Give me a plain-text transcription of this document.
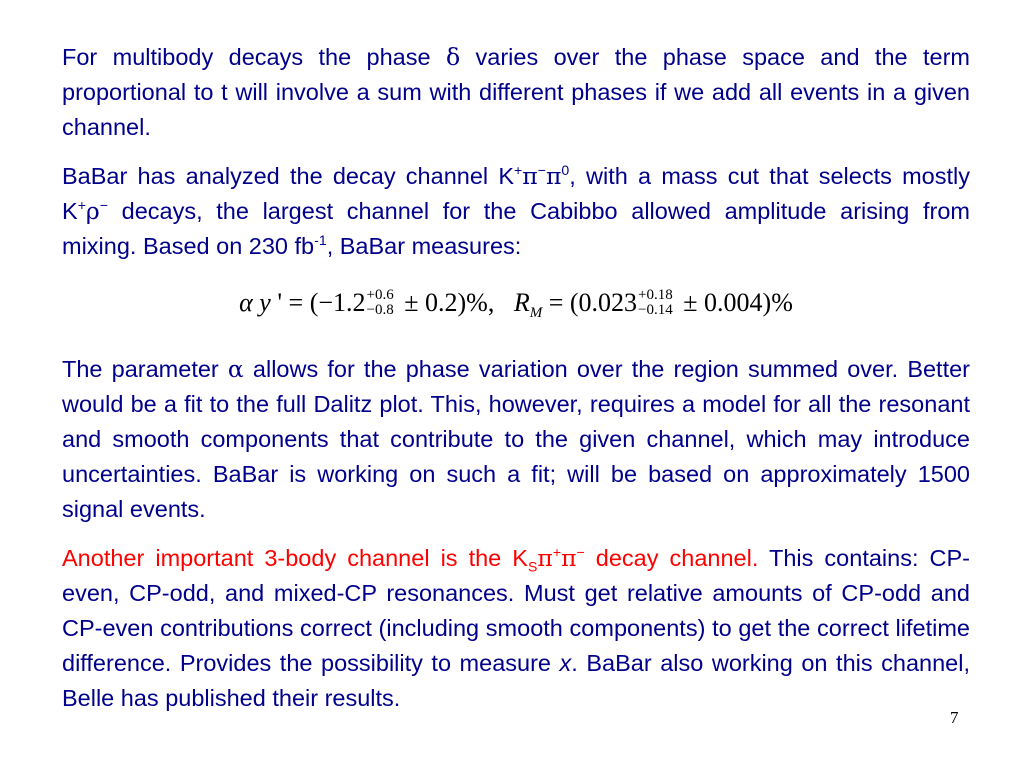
For multibody decays the phase δ varies over the phase space and the term proportional to t will involve a sum with different phases if we add all events in a given channel.

BaBar has analyzed the decay channel $K^+\pi^-\pi^0$, with a mass cut that selects mostly K+ρ− decays, the largest channel for the Cabibbo allowed amplitude arising from mixing. Based on 230 $fb^{-1}$, BaBar measures:

α y ' = (−1.2 +0.6
−0.8 ± 0.2)%, $R_M = (0.023 +0.18$
−0.14 ± 0.004)%

The parameter α allows for the phase variation over the region summed over. Better would be a fit to the full Dalitz plot. This, however, requires a model for all the resonant and smooth components that contribute to the given channel, which may introduce uncertainties. BaBar is working on such a fit; will be based on approximately 1500 signal events.

Another important 3-body channel is the $K_S\pi^+\pi^-$ decay channel. This contains: CP-even, CP-odd, and mixed-CP resonances. Must get relative amounts of CP-odd and CP-even contributions correct (including smooth components) to get the correct lifetime difference. Provides the possibility to measure x. BaBar also working on this channel, Belle has published their results.

7
